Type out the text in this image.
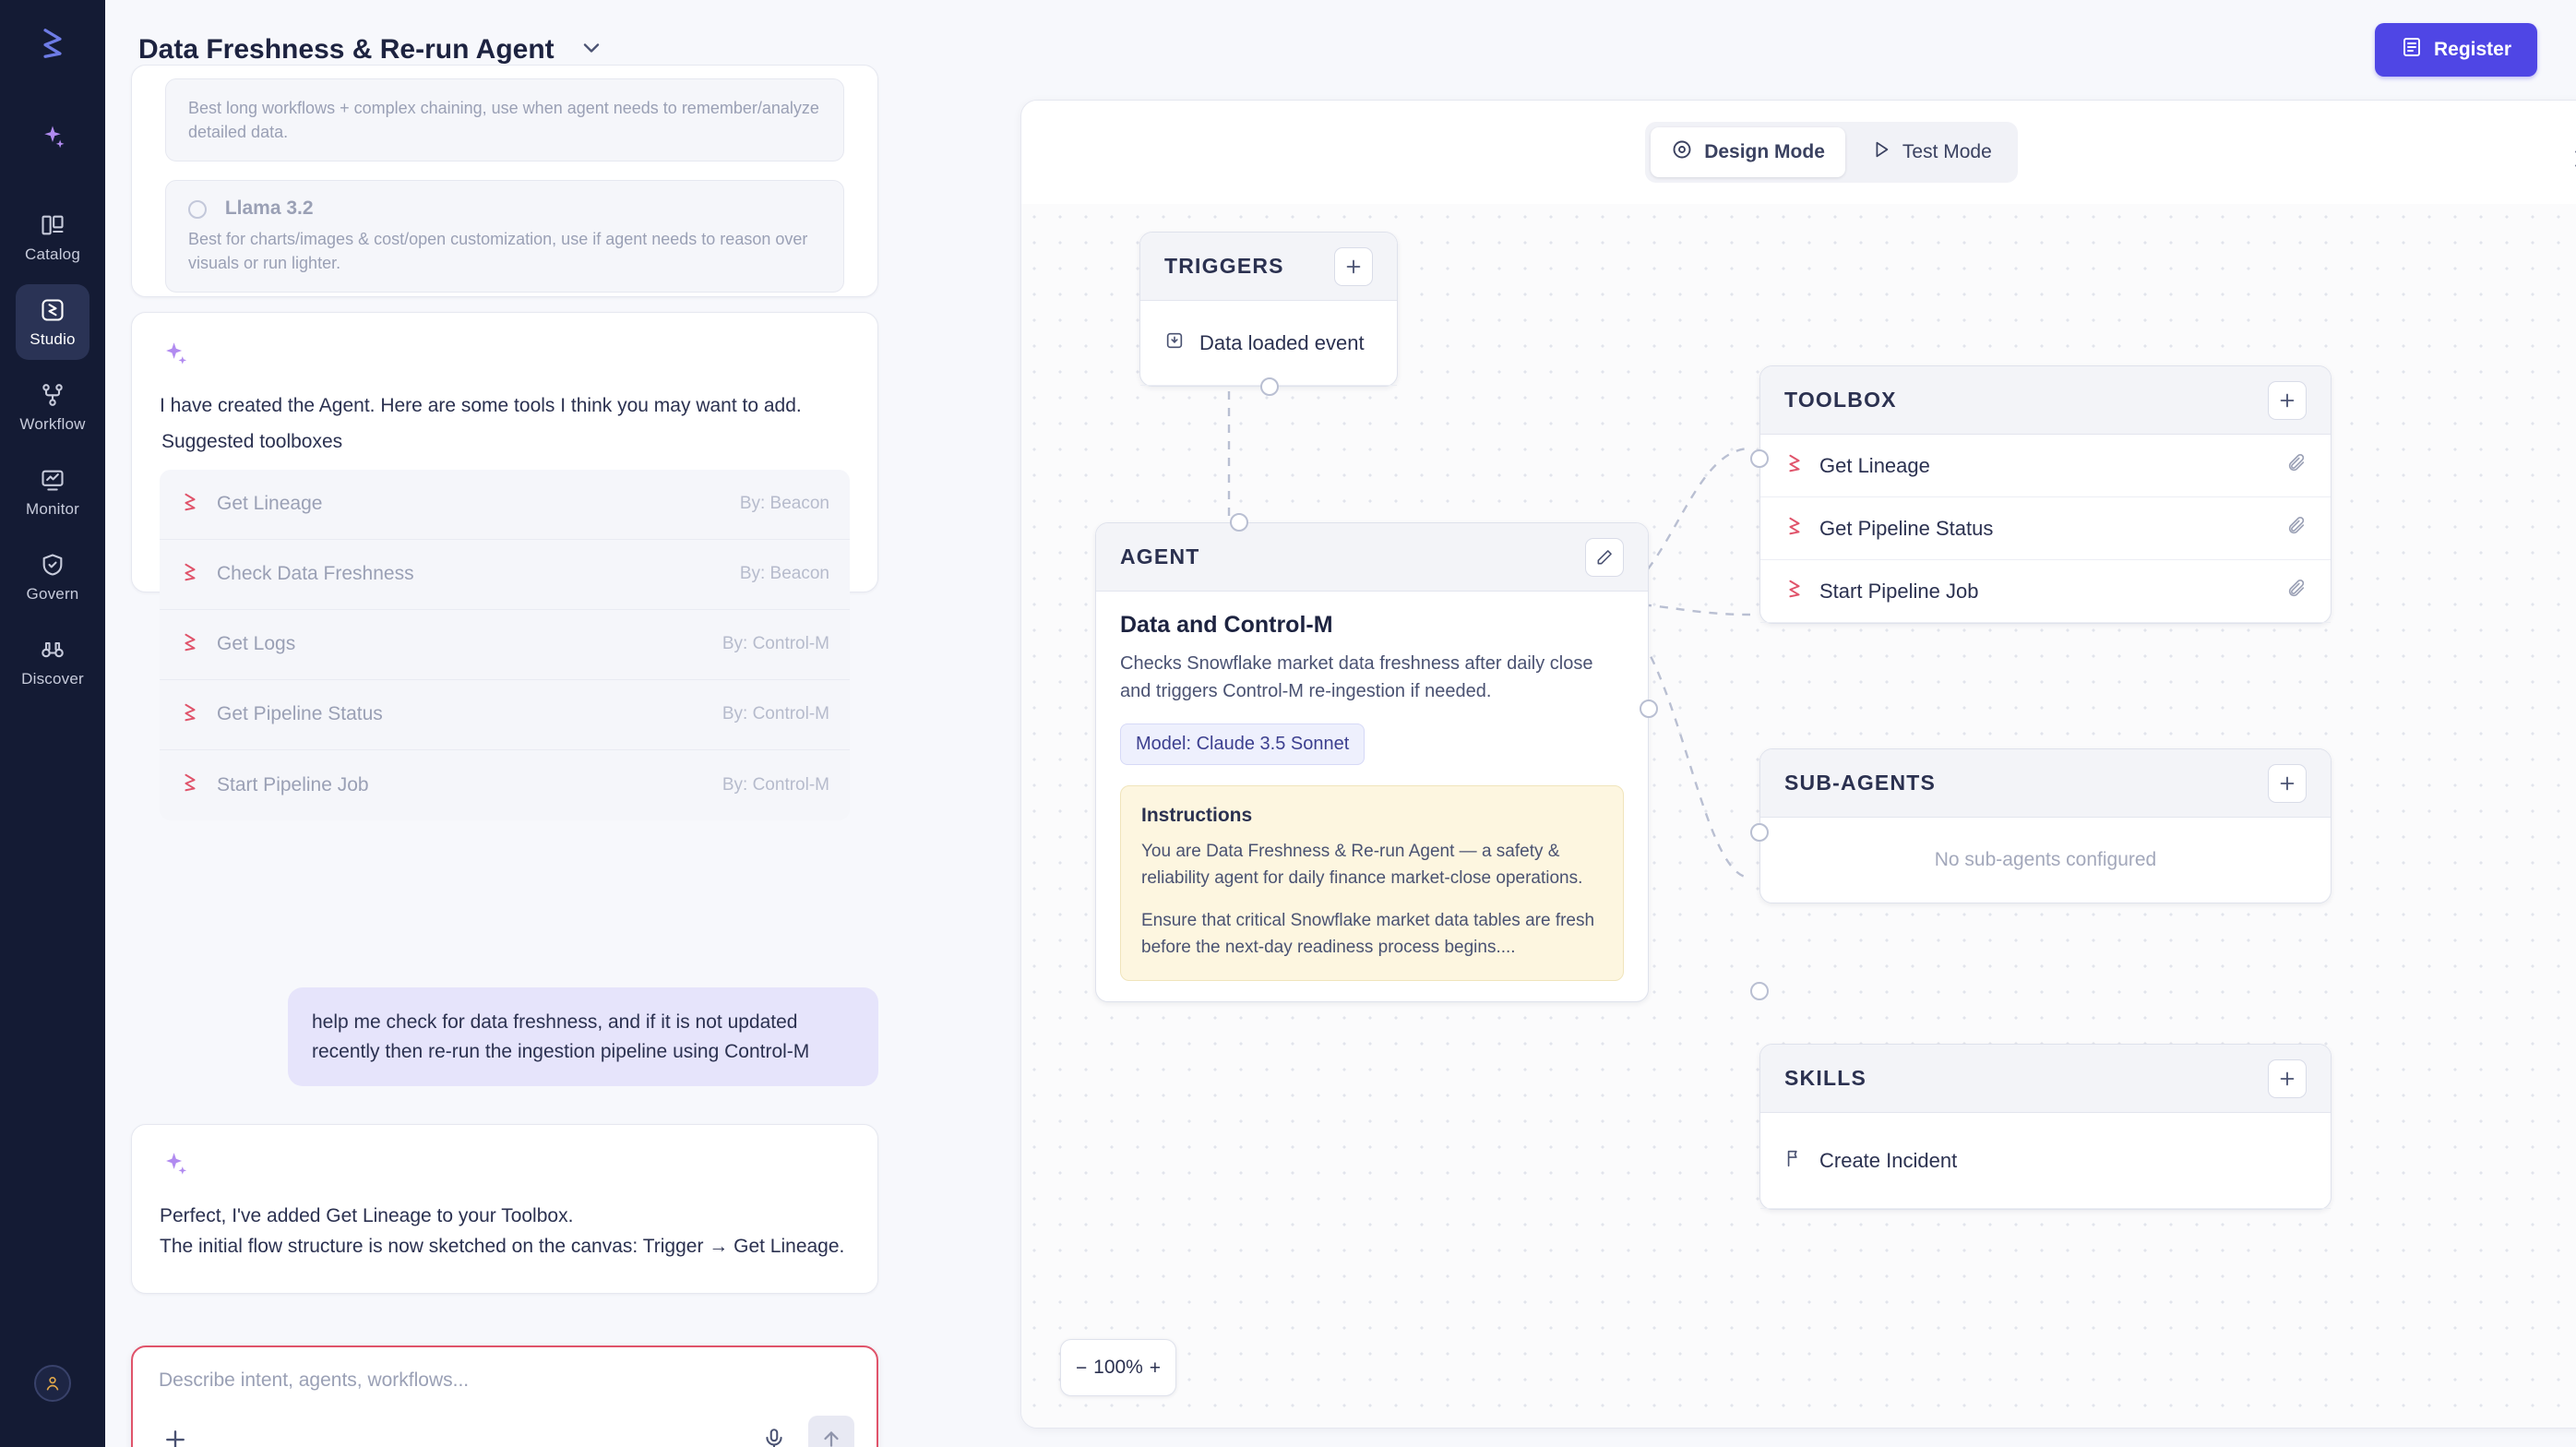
Catalog
Studio
Workflow
Monitor
Govern
Discover
Data Freshness & Re-run Agent	Register
Best long workflows + complex chaining, use when agent needs to remember/analyze detailed data.
Llama 3.2
Best for charts/images & cost/open customization, use if agent needs to reason over visuals or run lighter.
I have created the Agent. Here are some tools I think you may want to add.
Suggested toolboxes
Get Lineage	By: Beacon
Check Data Freshness	By: Beacon
Get Logs	By: Control-M
Get Pipeline Status	By: Control-M
Start Pipeline Job	By: Control-M
help me check for data freshness, and if it is not updated recently then re-run the ingestion pipeline using Control-M
Perfect, I've added Get Lineage to your Toolbox.
The initial flow structure is now sketched on the canvas: Trigger → Get Lineage.
Describe intent, agents, workflows...
Design Mode	Test Mode
TRIGGERS
Data loaded event
AGENT
Data and Control-M
Checks Snowflake market data freshness after daily close and triggers Control-M re-ingestion if needed.
Model: Claude 3.5 Sonnet
Instructions

You are Data Freshness & Re-run Agent — a safety & reliability agent for daily finance market-close operations.

Ensure that critical Snowflake market data tables are fresh before the next-day readiness process begins....

TOOLBOX
Get Lineage
Get Pipeline Status
Start Pipeline Job
SUB-AGENTS
No sub-agents configured
SKILLS
Create Incident
− 100% +
